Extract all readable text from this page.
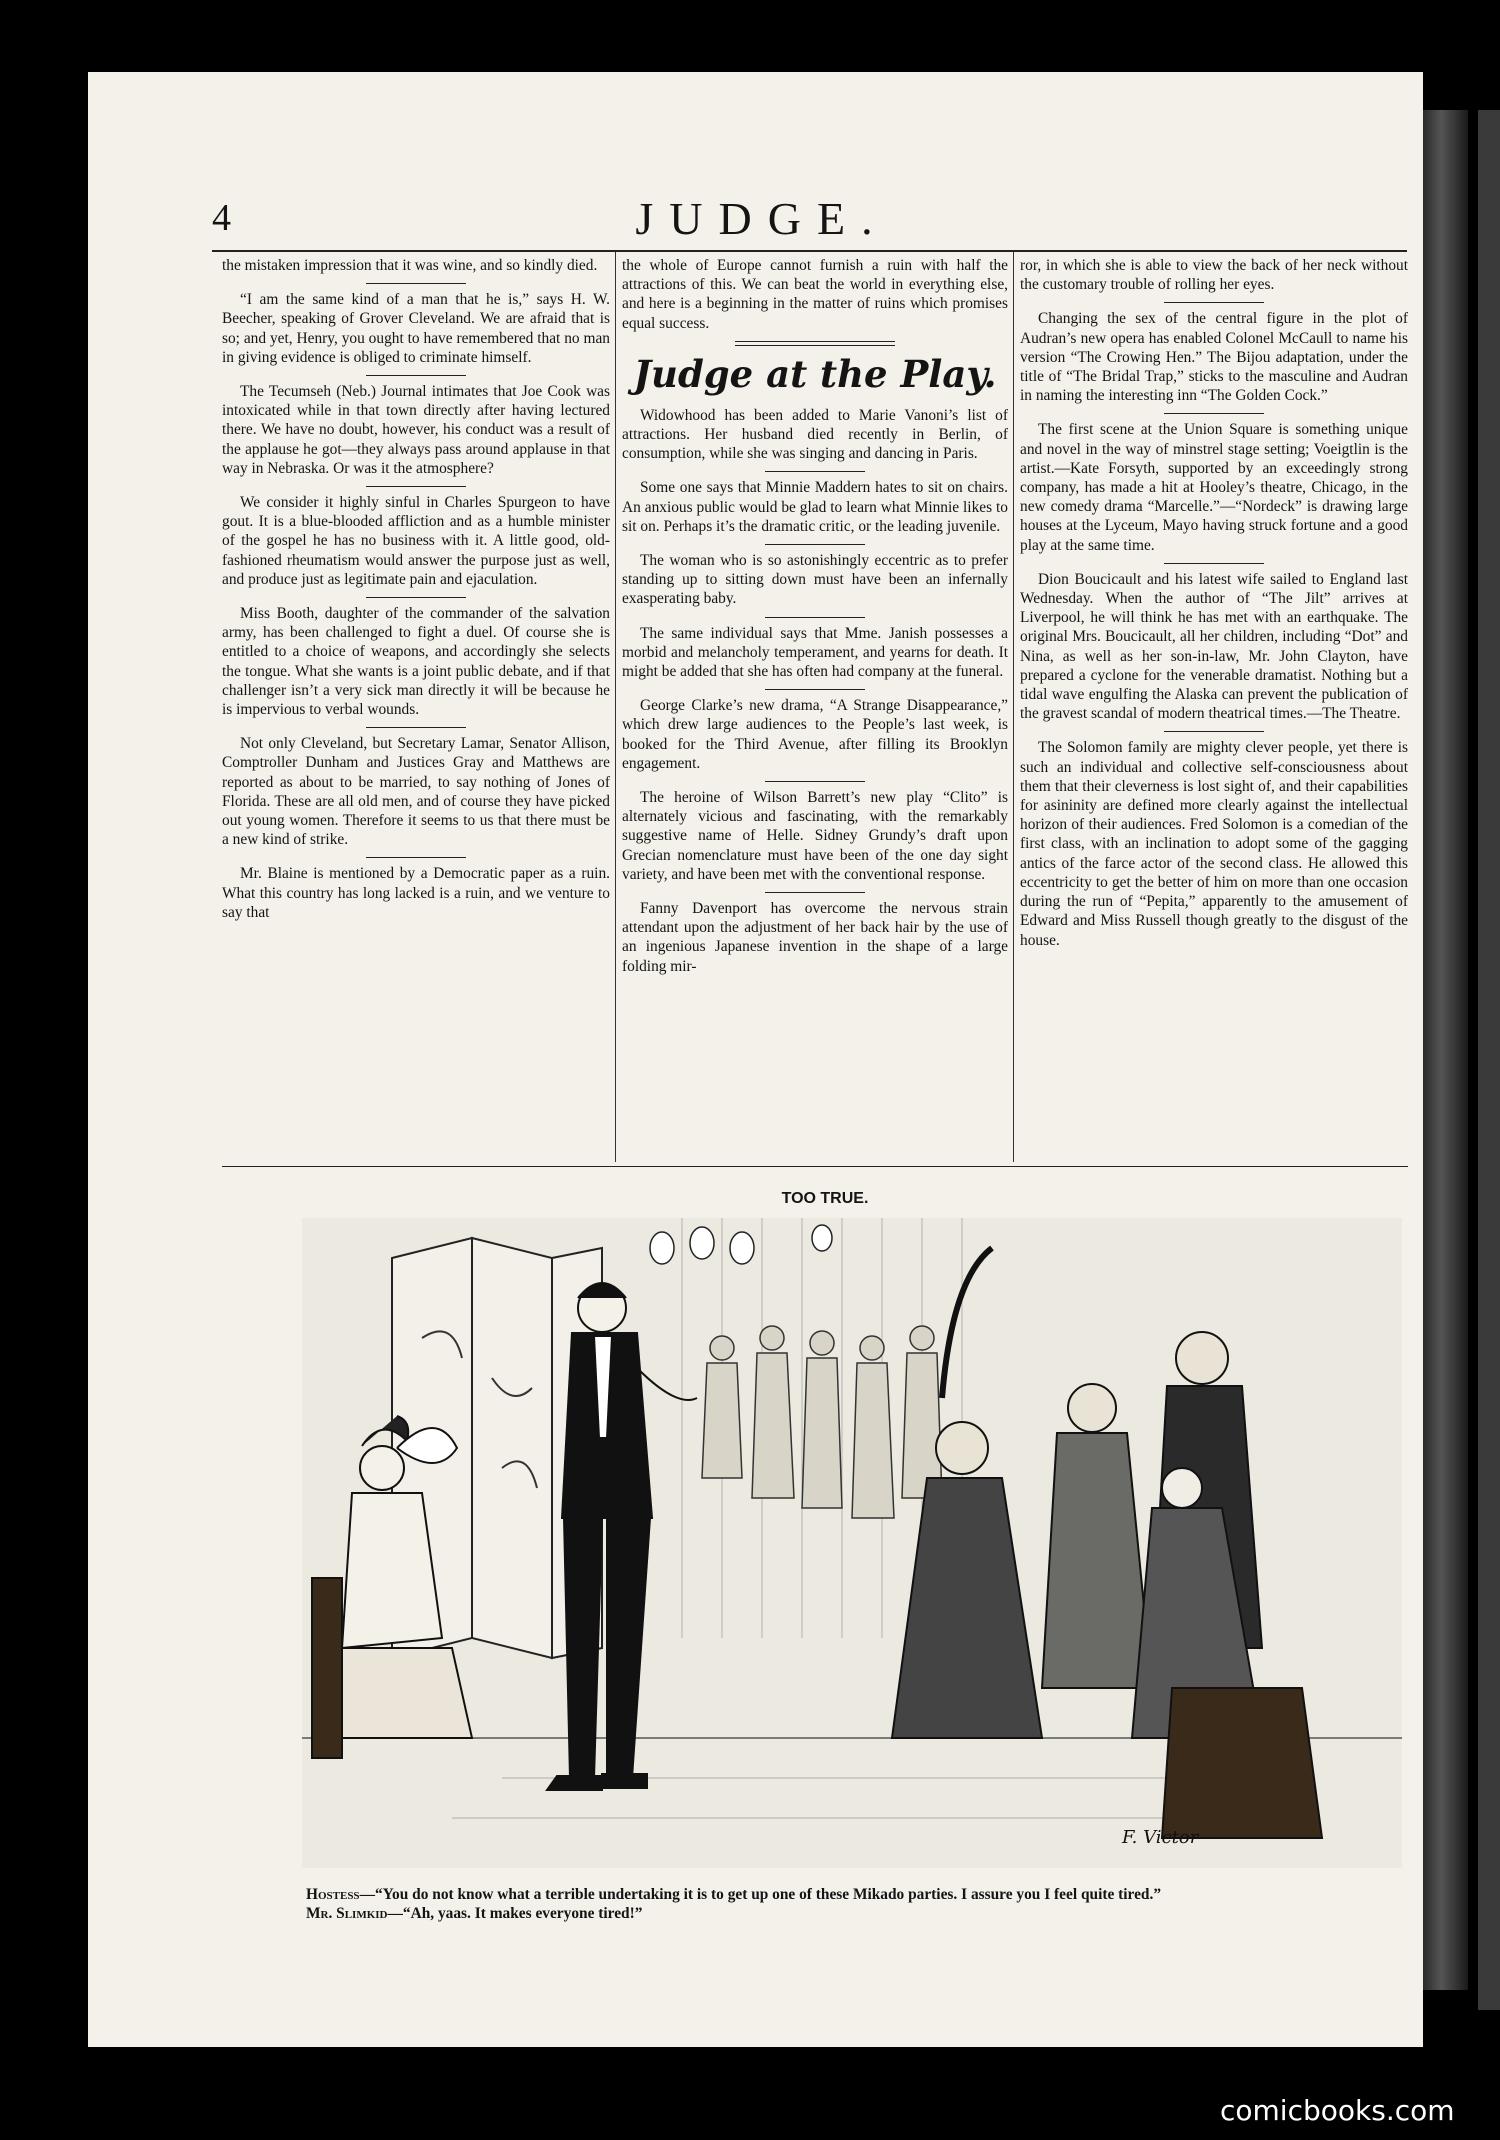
4	JUDGE.

the mistaken impression that it was wine, and so kindly died.

“I am the same kind of a man that he is,” says H. W. Beecher, speaking of Grover Cleveland. We are afraid that is so; and yet, Henry, you ought to have remembered that no man in giving evidence is obliged to criminate himself.

The Tecumseh (Neb.) Journal intimates that Joe Cook was intoxicated while in that town directly after having lectured there. We have no doubt, however, his conduct was a result of the applause he got—they always pass around applause in that way in Nebraska. Or was it the atmosphere?

We consider it highly sinful in Charles Spurgeon to have gout. It is a blue-blooded affliction and as a humble minister of the gospel he has no business with it. A little good, old-fashioned rheumatism would answer the purpose just as well, and produce just as legitimate pain and ejaculation.

Miss Booth, daughter of the commander of the salvation army, has been challenged to fight a duel. Of course she is entitled to a choice of weapons, and accordingly she selects the tongue. What she wants is a joint public debate, and if that challenger isn’t a very sick man directly it will be because he is impervious to verbal wounds.

Not only Cleveland, but Secretary Lamar, Senator Allison, Comptroller Dunham and Justices Gray and Matthews are reported as about to be married, to say nothing of Jones of Florida. These are all old men, and of course they have picked out young women. Therefore it seems to us that there must be a new kind of strike.

Mr. Blaine is mentioned by a Democratic paper as a ruin. What this country has long lacked is a ruin, and we venture to say that

the whole of Europe cannot furnish a ruin with half the attractions of this. We can beat the world in everything else, and here is a beginning in the matter of ruins which promises equal success.

Judge at the Play.

Widowhood has been added to Marie Vanoni’s list of attractions. Her husband died recently in Berlin, of consumption, while she was singing and dancing in Paris.

Some one says that Minnie Maddern hates to sit on chairs. An anxious public would be glad to learn what Minnie likes to sit on. Perhaps it’s the dramatic critic, or the leading juvenile.

The woman who is so astonishingly eccentric as to prefer standing up to sitting down must have been an infernally exasperating baby.

The same individual says that Mme. Janish possesses a morbid and melancholy temperament, and yearns for death. It might be added that she has often had company at the funeral.

George Clarke’s new drama, “A Strange Disappearance,” which drew large audiences to the People’s last week, is booked for the Third Avenue, after filling its Brooklyn engagement.

The heroine of Wilson Barrett’s new play “Clito” is alternately vicious and fascinating, with the remarkably suggestive name of Helle. Sidney Grundy’s draft upon Grecian nomenclature must have been of the one day sight variety, and have been met with the conventional response.

Fanny Davenport has overcome the nervous strain attendant upon the adjustment of her back hair by the use of an ingenious Japanese invention in the shape of a large folding mir-

ror, in which she is able to view the back of her neck without the customary trouble of rolling her eyes.

Changing the sex of the central figure in the plot of Audran’s new opera has enabled Colonel McCaull to name his version “The Crowing Hen.” The Bijou adaptation, under the title of “The Bridal Trap,” sticks to the masculine and Audran in naming the interesting inn “The Golden Cock.”

The first scene at the Union Square is something unique and novel in the way of minstrel stage setting; Voeigtlin is the artist.—Kate Forsyth, supported by an exceedingly strong company, has made a hit at Hooley’s theatre, Chicago, in the new comedy drama “Marcelle.”—“Nordeck” is drawing large houses at the Lyceum, Mayo having struck fortune and a good play at the same time.

Dion Boucicault and his latest wife sailed to England last Wednesday. When the author of “The Jilt” arrives at Liverpool, he will think he has met with an earthquake. The original Mrs. Boucicault, all her children, including “Dot” and Nina, as well as her son-in-law, Mr. John Clayton, have prepared a cyclone for the venerable dramatist. Nothing but a tidal wave engulfing the Alaska can prevent the publication of the gravest scandal of modern theatrical times.—The Theatre.

The Solomon family are mighty clever people, yet there is such an individual and collective self-consciousness about them that their cleverness is lost sight of, and their capabilities for asininity are defined more clearly against the intellectual horizon of their audiences. Fred Solomon is a comedian of the first class, with an inclination to adopt some of the gagging antics of the farce actor of the second class. He allowed this eccentricity to get the better of him on more than one occasion during the run of “Pepita,” apparently to the amusement of Edward and Miss Russell though greatly to the disgust of the house.

TOO TRUE.
F. Victor
Hostess—“You do not know what a terrible undertaking it is to get up one of these Mikado parties. I assure you I feel quite tired.”
Mr. Slimkid—“Ah, yaas. It makes everyone tired!”
comicbooks.com
